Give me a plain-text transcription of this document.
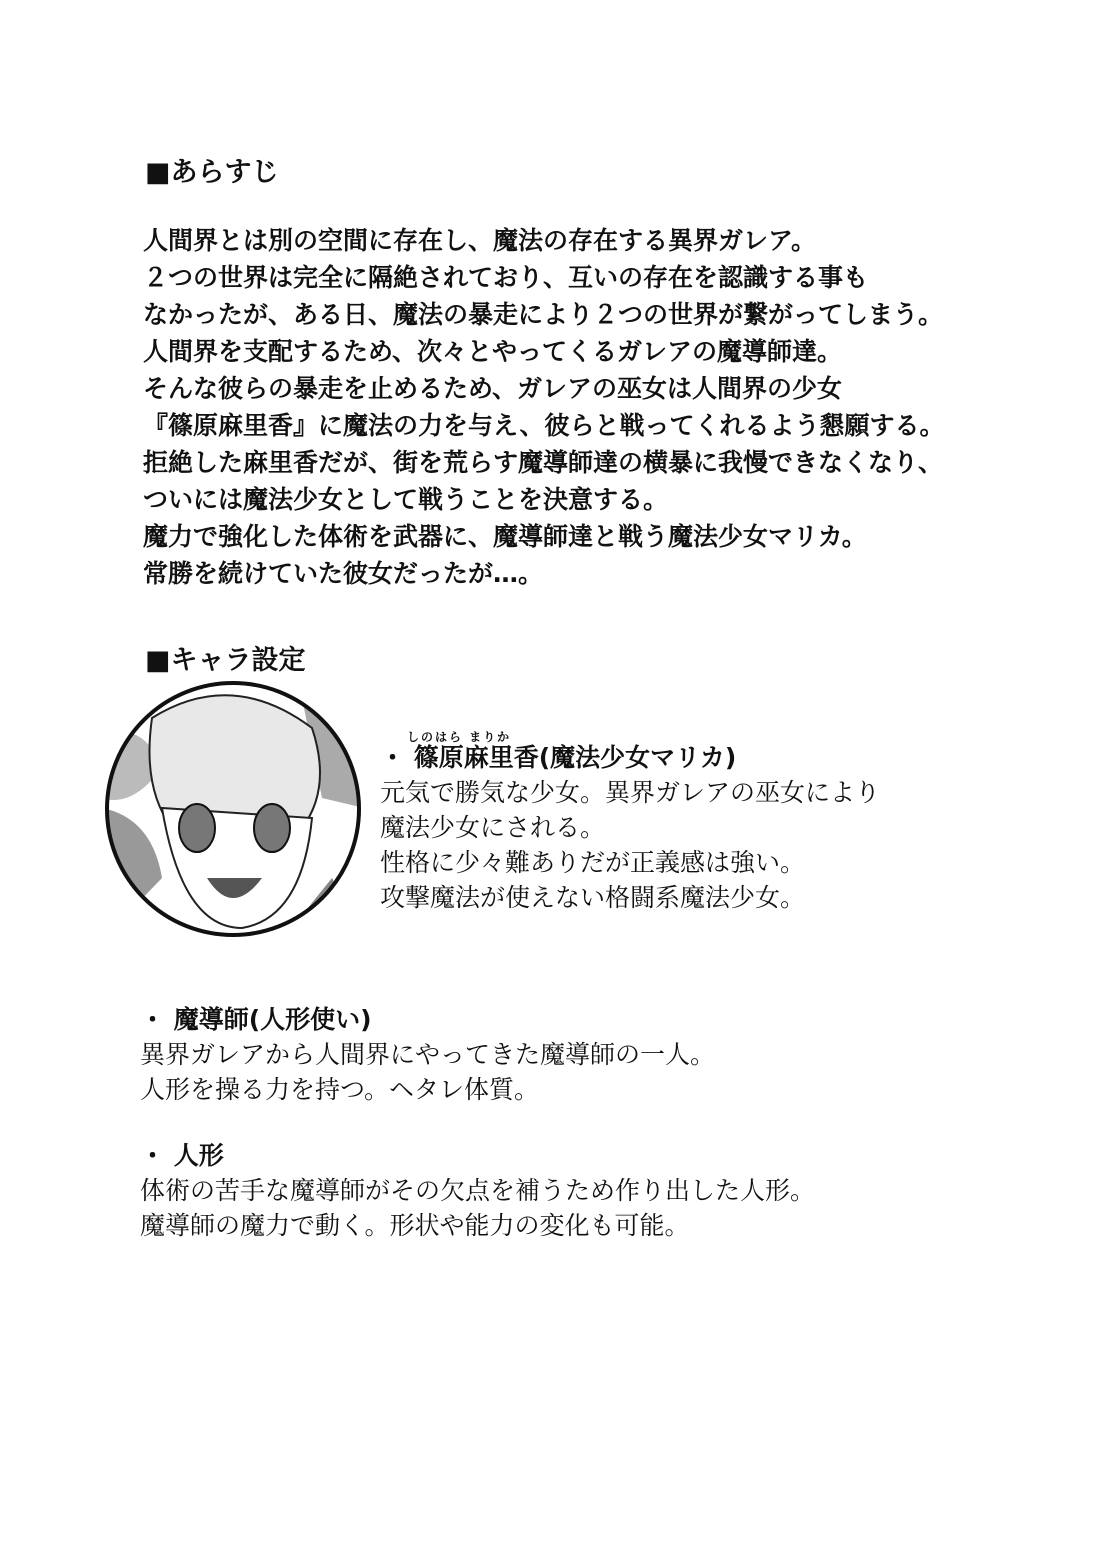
■あらすじ
人間界とは別の空間に存在し、魔法の存在する異界ガレア。
２つの世界は完全に隔絶されており、互いの存在を認識する事も
なかったが、ある日、魔法の暴走により２つの世界が繋がってしまう。
人間界を支配するため、次々とやってくるガレアの魔導師達。
そんな彼らの暴走を止めるため、ガレアの巫女は人間界の少女
『篠原麻里香』に魔法の力を与え、彼らと戦ってくれるよう懇願する。
拒絶した麻里香だが、街を荒らす魔導師達の横暴に我慢できなくなり、
ついには魔法少女として戦うことを決意する。
魔力で強化した体術を武器に、魔導師達と戦う魔法少女マリカ。
常勝を続けていた彼女だったが…。
■キャラ設定
しのはら まりか
・ 篠原麻里香(魔法少女マリカ)
元気で勝気な少女。異界ガレアの巫女により
魔法少女にされる。
性格に少々難ありだが正義感は強い。
攻撃魔法が使えない格闘系魔法少女。
・ 魔導師(人形使い)
異界ガレアから人間界にやってきた魔導師の一人。
人形を操る力を持つ。ヘタレ体質。
・ 人形
体術の苦手な魔導師がその欠点を補うため作り出した人形。
魔導師の魔力で動く。形状や能力の変化も可能。
